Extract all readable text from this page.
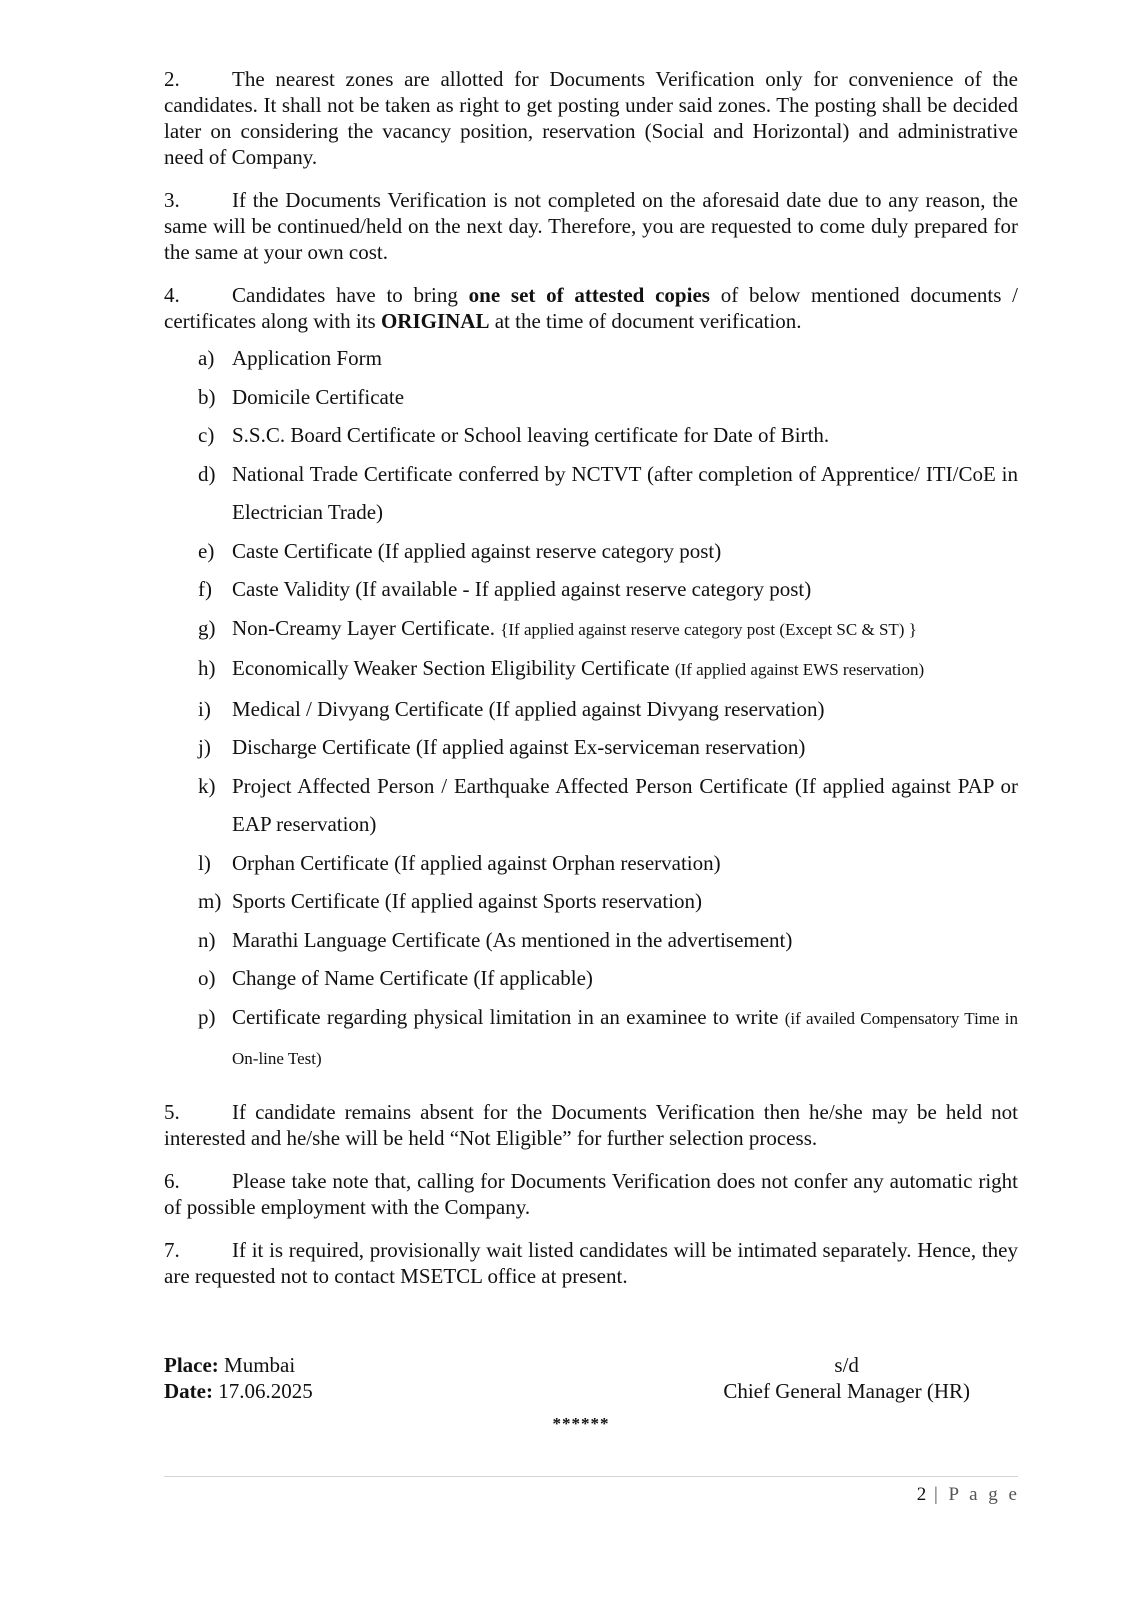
2. The nearest zones are allotted for Documents Verification only for convenience of the candidates. It shall not be taken as right to get posting under said zones. The posting shall be decided later on considering the vacancy position, reservation (Social and Horizontal) and administrative need of Company.

3. If the Documents Verification is not completed on the aforesaid date due to any reason, the same will be continued/held on the next day. Therefore, you are requested to come duly prepared for the same at your own cost.

4. Candidates have to bring one set of attested copies of below mentioned documents / certificates along with its ORIGINAL at the time of document verification.

a) Application Form
b) Domicile Certificate
c) S.S.C. Board Certificate or School leaving certificate for Date of Birth.
d) National Trade Certificate conferred by NCTVT (after completion of Apprentice/ ITI/CoE in Electrician Trade)
e) Caste Certificate (If applied against reserve category post)
f) Caste Validity (If available - If applied against reserve category post)
g) Non-Creamy Layer Certificate. {If applied against reserve category post (Except SC & ST) }
h) Economically Weaker Section Eligibility Certificate (If applied against EWS reservation)
i) Medical / Divyang Certificate (If applied against Divyang reservation)
j) Discharge Certificate (If applied against Ex-serviceman reservation)
k) Project Affected Person / Earthquake Affected Person Certificate (If applied against PAP or EAP reservation)
l) Orphan Certificate (If applied against Orphan reservation)
m) Sports Certificate (If applied against Sports reservation)
n) Marathi Language Certificate (As mentioned in the advertisement)
o) Change of Name Certificate (If applicable)
p) Certificate regarding physical limitation in an examinee to write (if availed Compensatory Time in On-line Test)

5. If candidate remains absent for the Documents Verification then he/she may be held not interested and he/she will be held “Not Eligible” for further selection process.

6. Please take note that, calling for Documents Verification does not confer any automatic right of possible employment with the Company.

7. If it is required, provisionally wait listed candidates will be intimated separately. Hence, they are requested not to contact MSETCL office at present.

Place: Mumbai
Date: 17.06.2025
s/d
Chief General Manager (HR)
******
2 | P a g e
